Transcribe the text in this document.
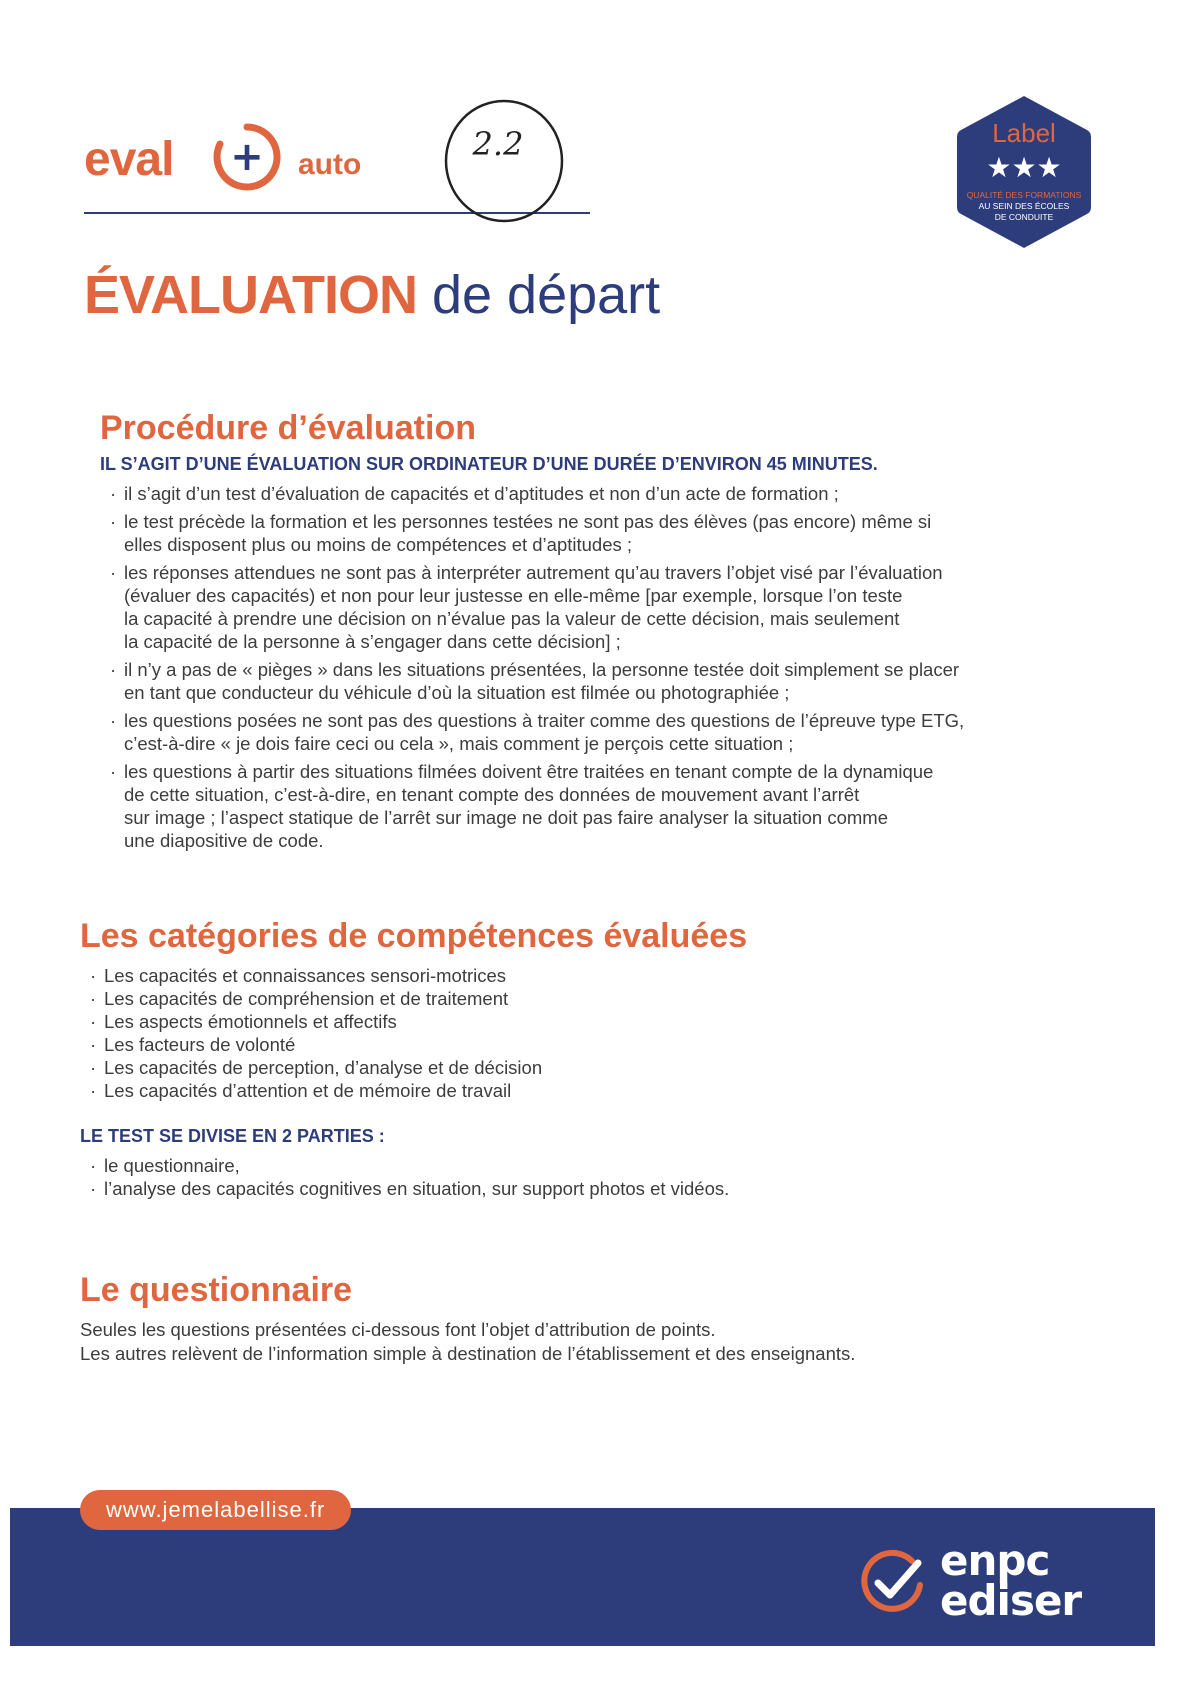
eval + auto
2.2	Label
★★★
QUALITÉ DES FORMATIONS
AU SEIN DES ÉCOLES
DE CONDUITE
ÉVALUATION de départ
Procédure d’évaluation

IL S’AGIT D’UNE ÉVALUATION SUR ORDINATEUR D’UNE DURÉE D’ENVIRON 45 MINUTES.

· il s’agit d’un test d’évaluation de capacités et d’aptitudes et non d’un acte de formation ;
· le test précède la formation et les personnes testées ne sont pas des élèves (pas encore) même si
elles disposent plus ou moins de compétences et d’aptitudes ;
· les réponses attendues ne sont pas à interpréter autrement qu’au travers l’objet visé par l’évaluation
(évaluer des capacités) et non pour leur justesse en elle-même [par exemple, lorsque l’on teste
la capacité à prendre une décision on n’évalue pas la valeur de cette décision, mais seulement
la capacité de la personne à s’engager dans cette décision] ;
· il n’y a pas de « pièges » dans les situations présentées, la personne testée doit simplement se placer
en tant que conducteur du véhicule d’où la situation est filmée ou photographiée ;
· les questions posées ne sont pas des questions à traiter comme des questions de l’épreuve type ETG,
c’est-à-dire « je dois faire ceci ou cela », mais comment je perçois cette situation ;
· les questions à partir des situations filmées doivent être traitées en tenant compte de la dynamique
de cette situation, c’est-à-dire, en tenant compte des données de mouvement avant l’arrêt
sur image ; l’aspect statique de l’arrêt sur image ne doit pas faire analyser la situation comme
une diapositive de code.
Les catégories de compétences évaluées
· Les capacités et connaissances sensori-motrices
· Les capacités de compréhension et de traitement
· Les aspects émotionnels et affectifs
· Les facteurs de volonté
· Les capacités de perception, d’analyse et de décision
· Les capacités d’attention et de mémoire de travail

LE TEST SE DIVISE EN 2 PARTIES :

· le questionnaire,
· l’analyse des capacités cognitives en situation, sur support photos et vidéos.
Le questionnaire

Seules les questions présentées ci-dessous font l’objet d’attribution de points.

Les autres relèvent de l’information simple à destination de l’établissement et des enseignants.

www.jemelabellise.fr
enpc
ediser
